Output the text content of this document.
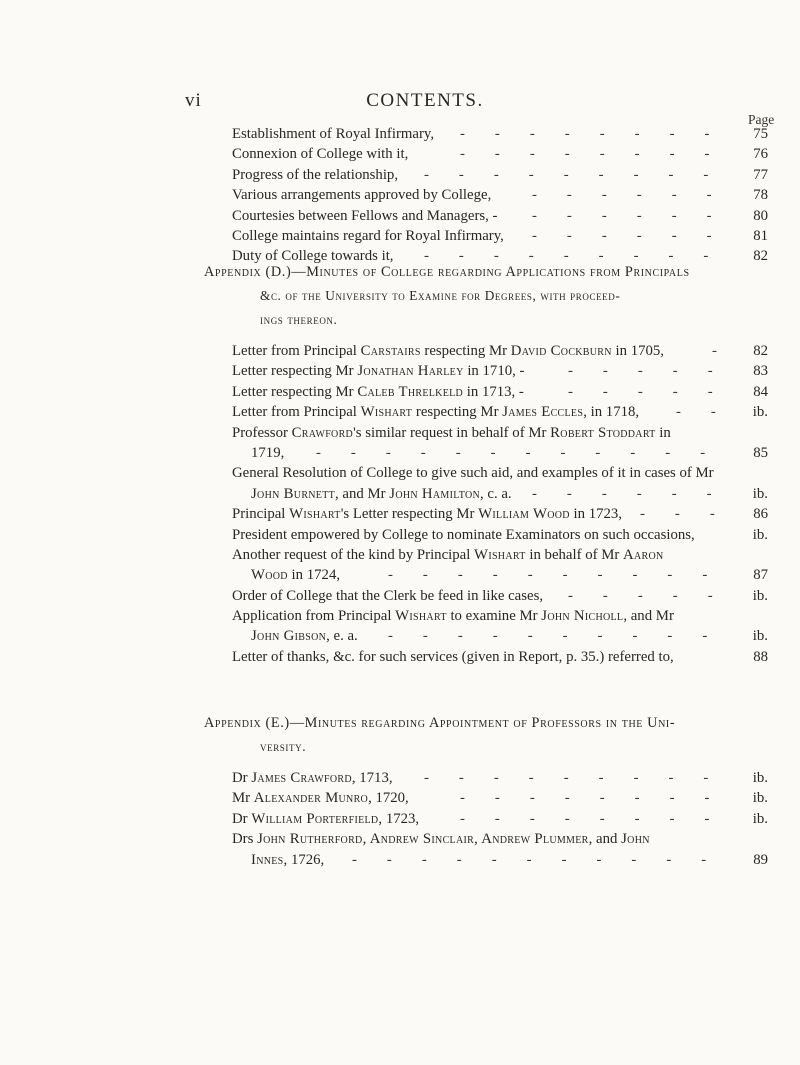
vi	CONTENTS.
Page
Establishment of Royal Infirmary,	75
--------
Connexion of College with it,	76
--------
Progress of the relationship,	77
---------
Various arrangements approved by College,	78
------
Courtesies between Fellows and Managers, -	80
------
College maintains regard for Royal Infirmary,	81
------
Duty of College towards it,	82
---------
Appendix (D.)—Minutes of College regarding Applications from Principals
&c. of the University to Examine for Degrees, with proceed-
ings thereon.
Letter from Principal Carstairs respecting Mr David Cockburn in 1705,	82
-
Letter respecting Mr Jonathan Harley in 1710, -	83
-----
Letter respecting Mr Caleb Threlkeld in 1713, -	84
-----
Letter from Principal Wishart respecting Mr James Eccles, in 1718,	ib.
--
Professor Crawford's similar request in behalf of Mr Robert Stoddart in
1719,	85
------------
General Resolution of College to give such aid, and examples of it in cases of Mr
John Burnett, and Mr John Hamilton, c. a.	ib.
------
Principal Wishart's Letter respecting Mr William Wood in 1723,	86
---
President empowered by College to nominate Examinators on such occasions,	ib.
Another request of the kind by Principal Wishart in behalf of Mr Aaron
Wood in 1724,	87
----------
Order of College that the Clerk be feed in like cases,	ib.
-----
Application from Principal Wishart to examine Mr John Nicholl, and Mr
John Gibson, e. a.	ib.
----------
Letter of thanks, &c. for such services (given in Report, p. 35.) referred to,	88
Appendix (E.)—Minutes regarding Appointment of Professors in the Uni-
versity.
Dr James Crawford, 1713,	ib.
---------
Mr Alexander Munro, 1720,	ib.
--------
Dr William Porterfield, 1723,	ib.
--------
Drs John Rutherford, Andrew Sinclair, Andrew Plummer, and John
Innes, 1726,	89
-----------
